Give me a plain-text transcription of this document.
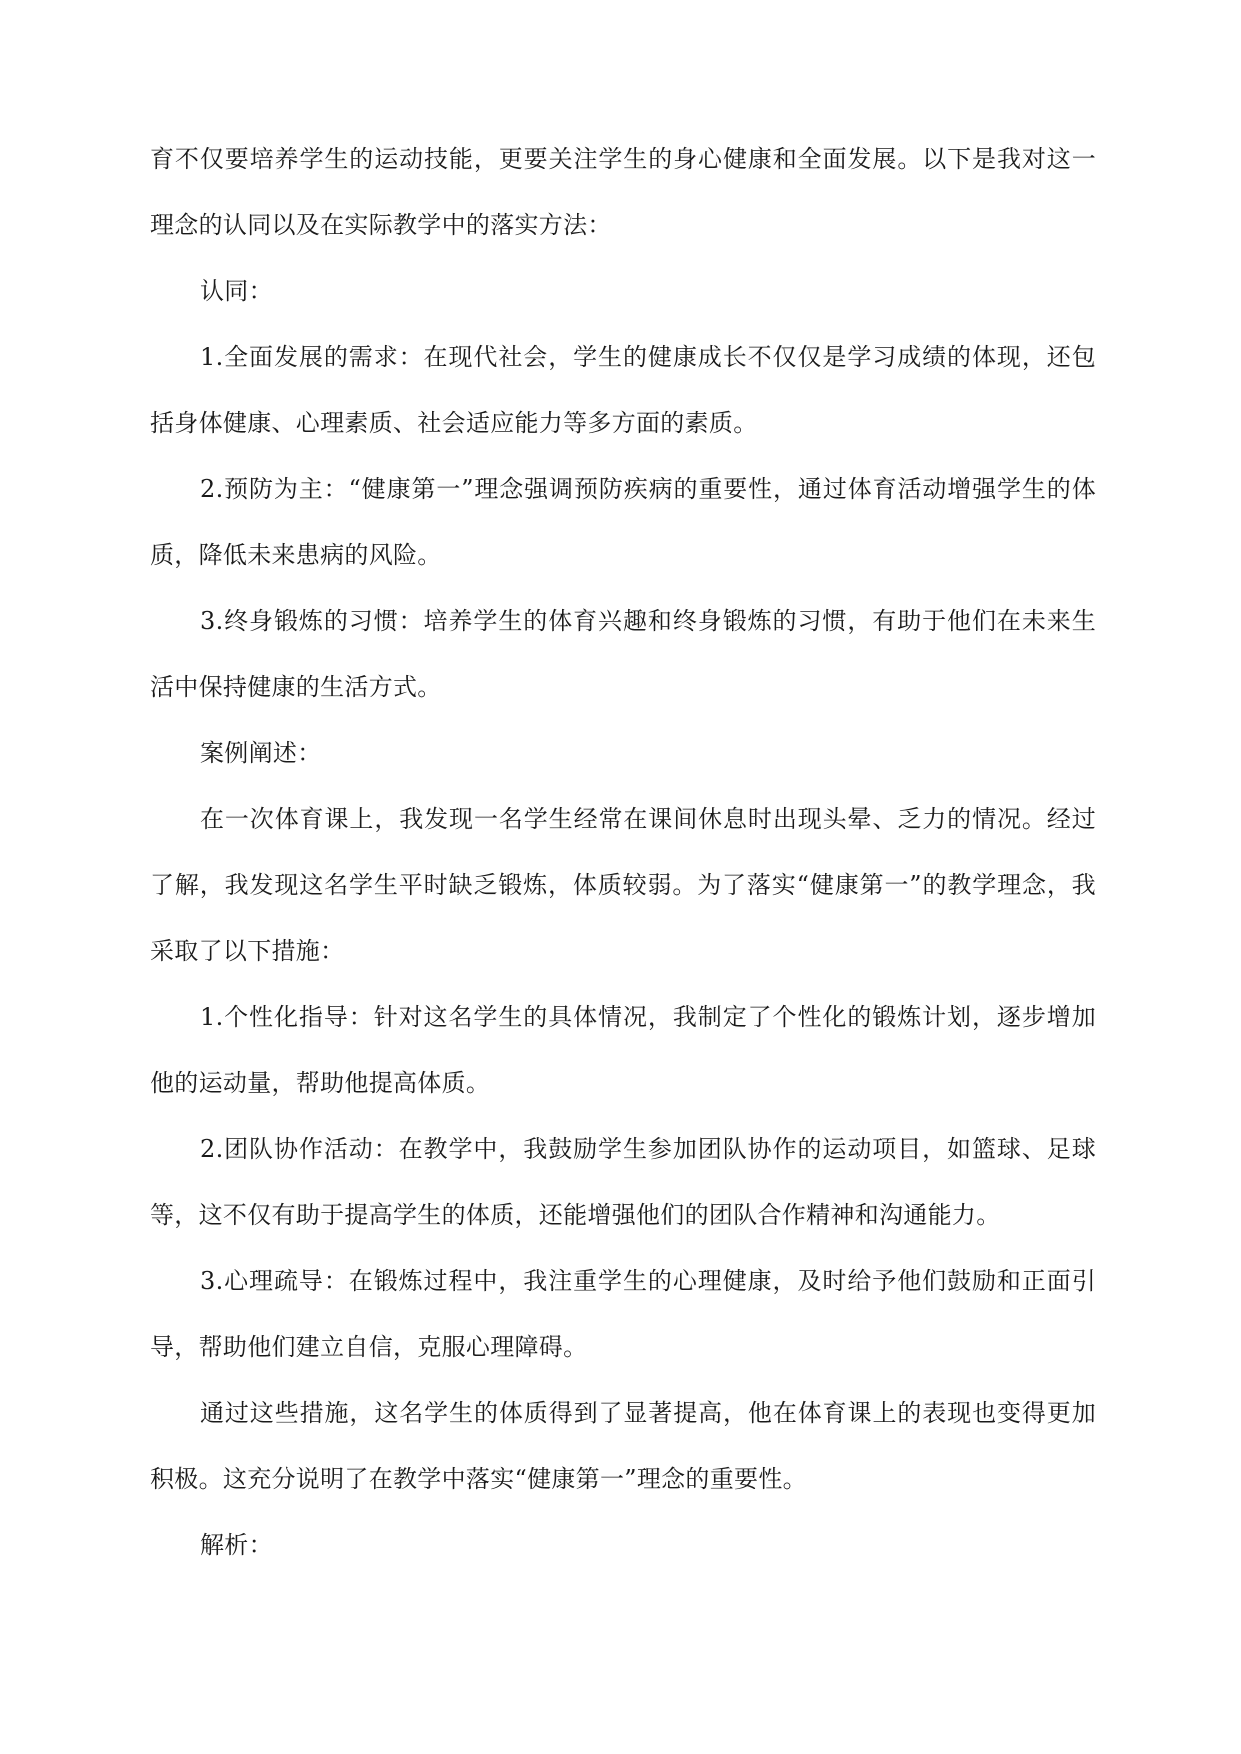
育不仅要培养学生的运动技能，更要关注学生的身心健康和全面发展。以下是我对这一理念的认同以及在实际教学中的落实方法：

认同：

1.全面发展的需求：在现代社会，学生的健康成长不仅仅是学习成绩的体现，还包括身体健康、心理素质、社会适应能力等多方面的素质。

2.预防为主：“健康第一”理念强调预防疾病的重要性，通过体育活动增强学生的体质，降低未来患病的风险。

3.终身锻炼的习惯：培养学生的体育兴趣和终身锻炼的习惯，有助于他们在未来生活中保持健康的生活方式。

案例阐述：

在一次体育课上，我发现一名学生经常在课间休息时出现头晕、乏力的情况。经过了解，我发现这名学生平时缺乏锻炼，体质较弱。为了落实“健康第一”的教学理念，我采取了以下措施：

1.个性化指导：针对这名学生的具体情况，我制定了个性化的锻炼计划，逐步增加他的运动量，帮助他提高体质。

2.团队协作活动：在教学中，我鼓励学生参加团队协作的运动项目，如篮球、足球等，这不仅有助于提高学生的体质，还能增强他们的团队合作精神和沟通能力。

3.心理疏导：在锻炼过程中，我注重学生的心理健康，及时给予他们鼓励和正面引导，帮助他们建立自信，克服心理障碍。

通过这些措施，这名学生的体质得到了显著提高，他在体育课上的表现也变得更加积极。这充分说明了在教学中落实“健康第一”理念的重要性。

解析：
